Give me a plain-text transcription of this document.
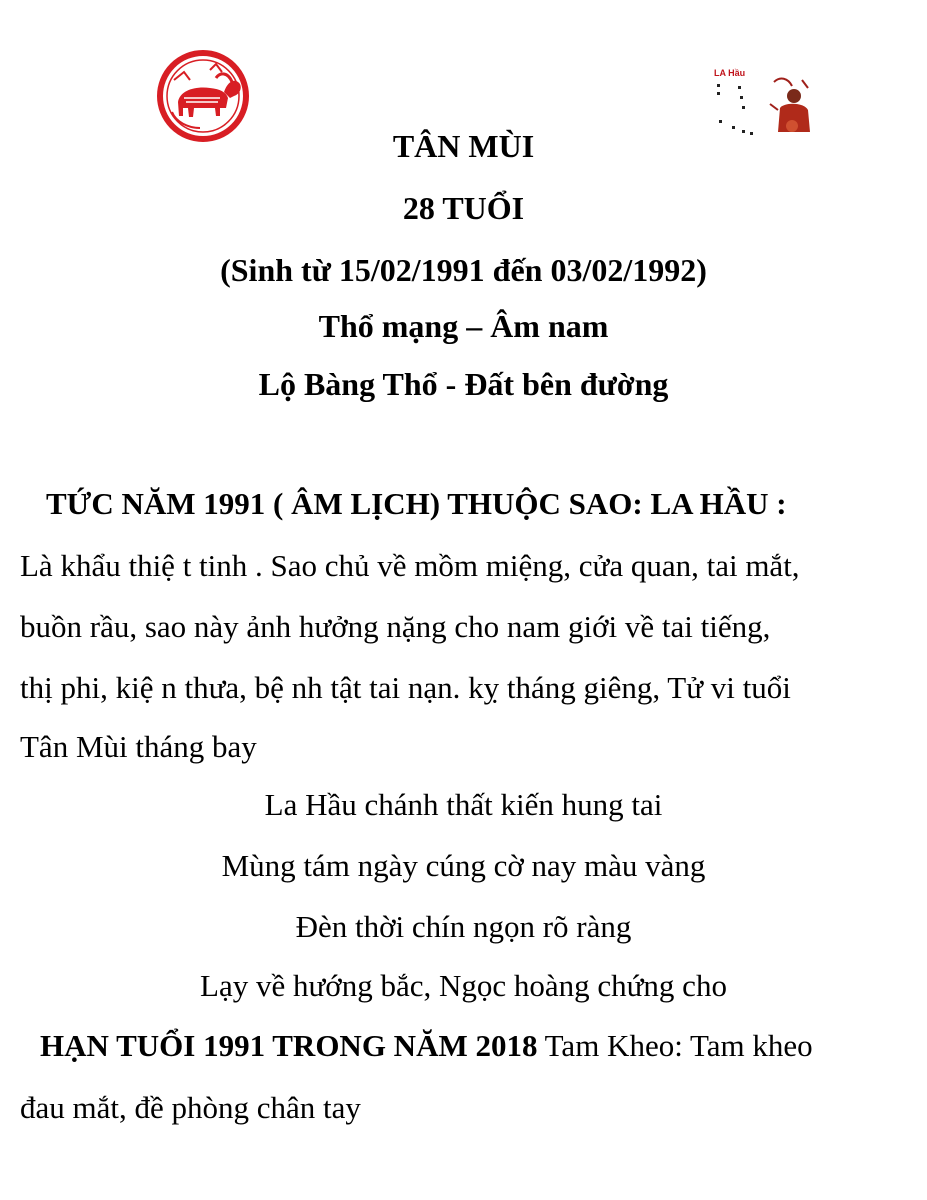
LA Hầu
TÂN MÙI
28 TUỔI
(Sinh từ 15/02/1991 đến 03/02/1992)
Thổ mạng – Âm nam
Lộ Bàng Thổ - Đất bên đường
TỨC NĂM 1991 ( ÂM LỊCH) THUỘC SAO: LA HẦU :
Là khẩu thiệ t tinh . Sao chủ về mồm miệng, cửa quan, tai mắt,
buồn rầu, sao này ảnh hưởng nặng cho nam giới về tai tiếng,
thị phi, kiệ n thưa, bệ nh tật tai nạn. kỵ tháng giêng, Tử vi tuổi
Tân Mùi tháng bay
La Hầu chánh thất kiến hung tai
Mùng tám ngày cúng cờ nay màu vàng
Đèn thời chín ngọn rõ ràng
Lạy về hướng bắc, Ngọc hoàng chứng cho
HẠN TUỔI 1991 TRONG NĂM 2018 Tam Kheo: Tam kheo
đau mắt, đề phòng chân tay
